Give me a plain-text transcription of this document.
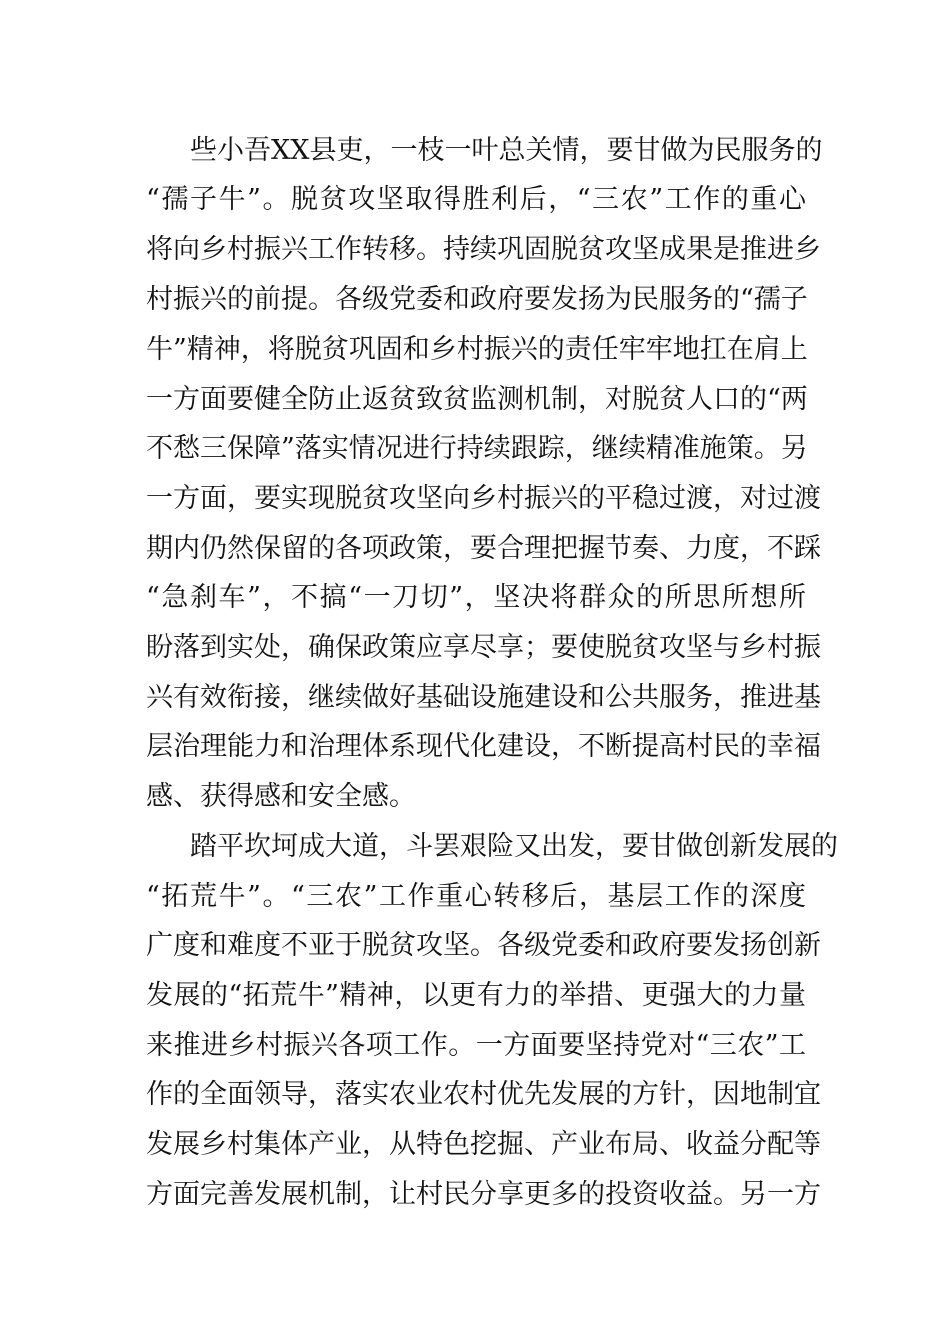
些小吾XX县吏，一枝一叶总关情，要甘做为民服务的
“孺子牛”。脱贫攻坚取得胜利后，“三农”工作的重心
将向乡村振兴工作转移。持续巩固脱贫攻坚成果是推进乡
村振兴的前提。各级党委和政府要发扬为民服务的“孺子
牛”精神，将脱贫巩固和乡村振兴的责任牢牢地扛在肩上
一方面要健全防止返贫致贫监测机制，对脱贫人口的“两
不愁三保障”落实情况进行持续跟踪，继续精准施策。另
一方面，要实现脱贫攻坚向乡村振兴的平稳过渡，对过渡
期内仍然保留的各项政策，要合理把握节奏、力度，不踩
“急刹车”，不搞“一刀切”，坚决将群众的所思所想所
盼落到实处，确保政策应享尽享；要使脱贫攻坚与乡村振
兴有效衔接，继续做好基础设施建设和公共服务，推进基
层治理能力和治理体系现代化建设，不断提高村民的幸福
感、获得感和安全感。
踏平坎坷成大道，斗罢艰险又出发，要甘做创新发展的
“拓荒牛”。“三农”工作重心转移后，基层工作的深度
广度和难度不亚于脱贫攻坚。各级党委和政府要发扬创新
发展的“拓荒牛”精神，以更有力的举措、更强大的力量
来推进乡村振兴各项工作。一方面要坚持党对“三农”工
作的全面领导，落实农业农村优先发展的方针，因地制宜
发展乡村集体产业，从特色挖掘、产业布局、收益分配等
方面完善发展机制，让村民分享更多的投资收益。另一方
